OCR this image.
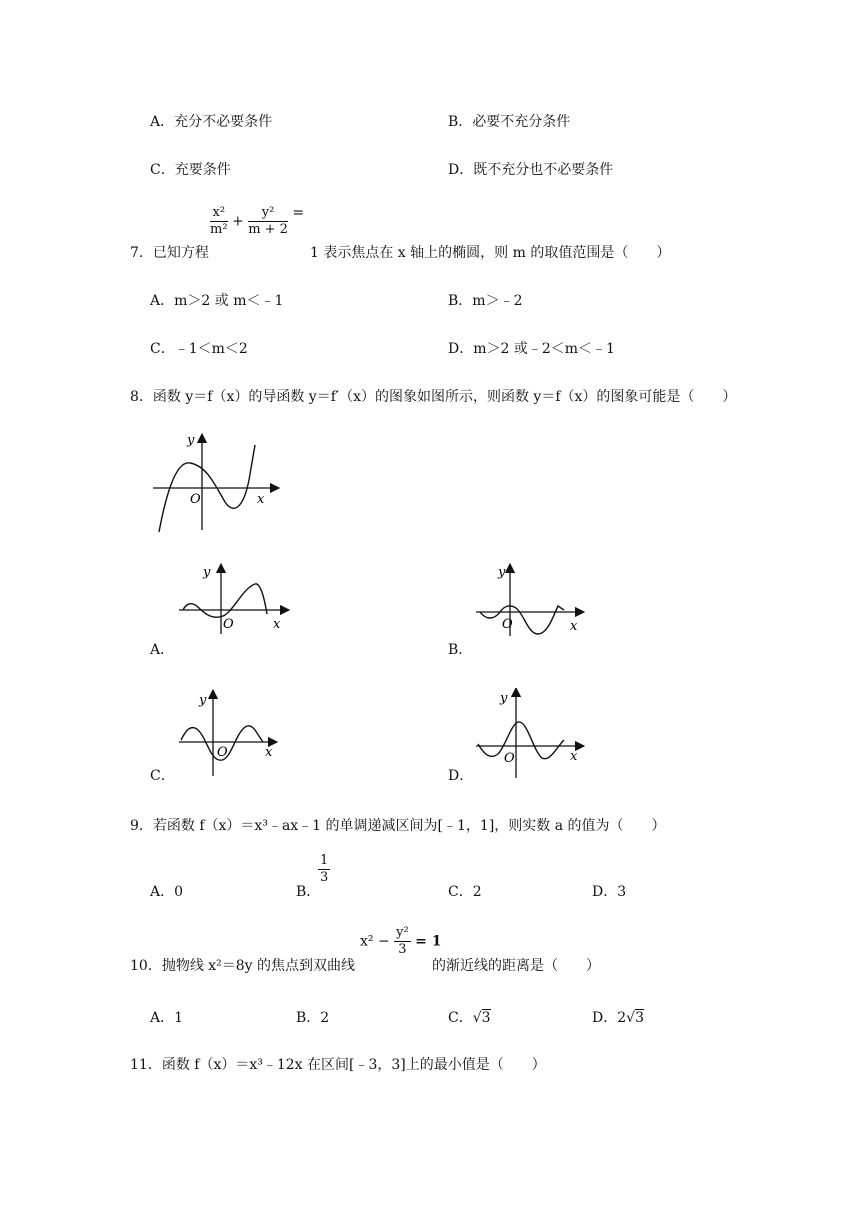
A．充分不必要条件	B．必要不充分条件
C．充要条件	D．既不充分也不必要条件
7．已知方程
$\frac{\text{x²}}{\text{m²}} + \frac{\text{y²}}{m + 2}$ =
1 表示焦点在 x 轴上的椭圆，则 m 的取值范围是（　　）
A．m＞2 或 m＜﹣1	B．m＞﹣2
C．﹣1＜m＜2	D．m＞2 或﹣2＜m＜﹣1
8．函数 y＝f（x）的导函数 y＝f′（x）的图象如图所示，则函数 y＝f（x）的图象可能是（　　）
y
O	x
y
O	x
A．
y
O	x
B．
y
O	x
C．
y
O	x
D．
9．若函数 f（x）＝x³﹣ax﹣1 的单调递减区间为[﹣1，1]，则实数 a 的值为（　　）
A．0	B．
$\frac{1}{3}$
C．2	D．3
10．抛物线 x²＝8y 的焦点到双曲线
$x^2 - \frac{\text{y²}}{3} = 1$
的渐近线的距离是（　　）
A．1	B．2	C．√3	D．2√3
11．函数 f（x）＝x³﹣12x 在区间[﹣3，3]上的最小值是（　　）
